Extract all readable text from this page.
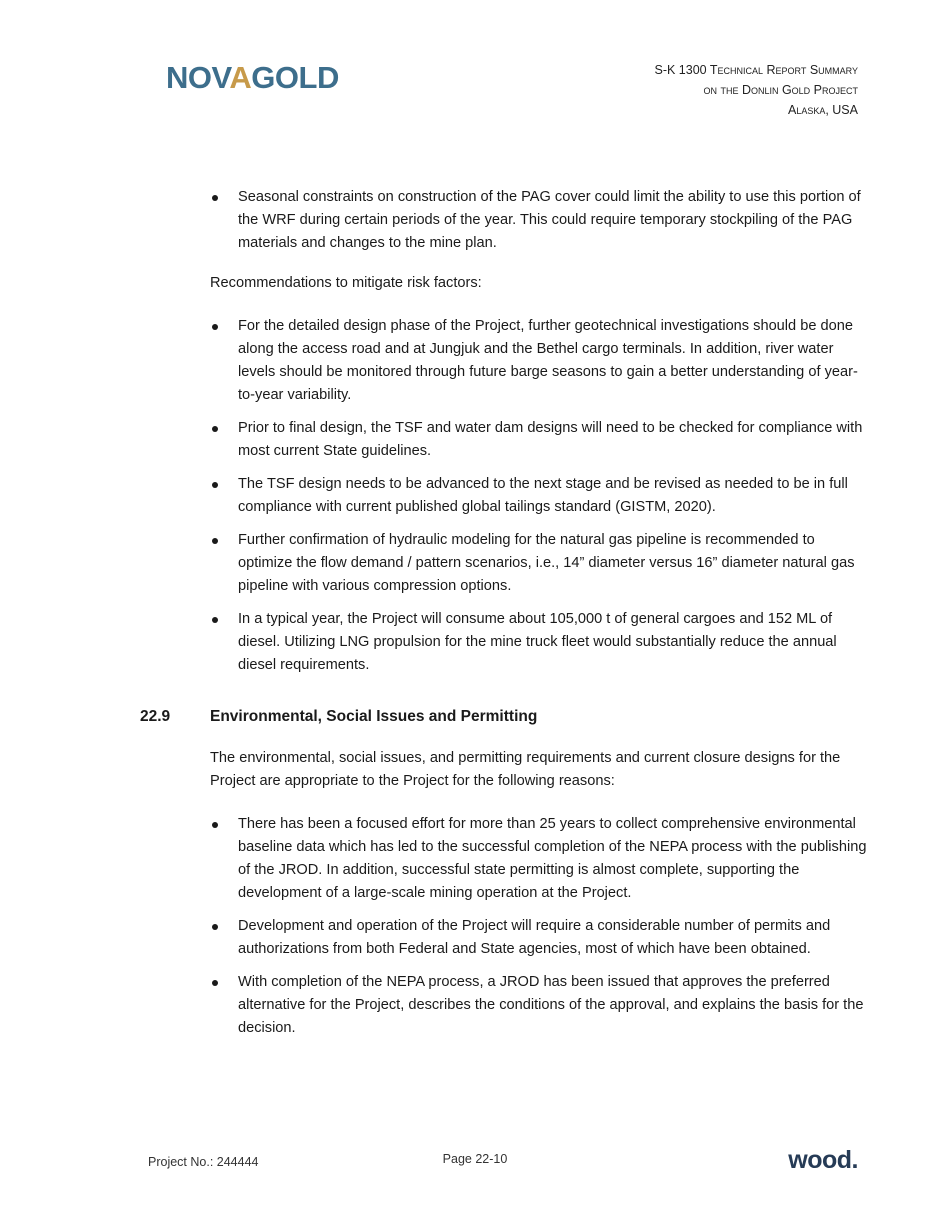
NOVAGOLD	S-K 1300 Technical Report Summary
on the Donlin Gold Project
Alaska, USA
Seasonal constraints on construction of the PAG cover could limit the ability to use this portion of the WRF during certain periods of the year. This could require temporary stockpiling of the PAG materials and changes to the mine plan.

Recommendations to mitigate risk factors:

For the detailed design phase of the Project, further geotechnical investigations should be done along the access road and at Jungjuk and the Bethel cargo terminals. In addition, river water levels should be monitored through future barge seasons to gain a better understanding of year-to-year variability.
Prior to final design, the TSF and water dam designs will need to be checked for compliance with most current State guidelines.
The TSF design needs to be advanced to the next stage and be revised as needed to be in full compliance with current published global tailings standard (GISTM, 2020).
Further confirmation of hydraulic modeling for the natural gas pipeline is recommended to optimize the flow demand / pattern scenarios, i.e., 14” diameter versus 16” diameter natural gas pipeline with various compression options.
In a typical year, the Project will consume about 105,000 t of general cargoes and 152 ML of diesel. Utilizing LNG propulsion for the mine truck fleet would substantially reduce the annual diesel requirements.
22.9	Environmental, Social Issues and Permitting

The environmental, social issues, and permitting requirements and current closure designs for the Project are appropriate to the Project for the following reasons:

There has been a focused effort for more than 25 years to collect comprehensive environmental baseline data which has led to the successful completion of the NEPA process with the publishing of the JROD. In addition, successful state permitting is almost complete, supporting the development of a large-scale mining operation at the Project.
Development and operation of the Project will require a considerable number of permits and authorizations from both Federal and State agencies, most of which have been obtained.
With completion of the NEPA process, a JROD has been issued that approves the preferred alternative for the Project, describes the conditions of the approval, and explains the basis for the decision.
Project No.: 244444	Page 22-10	wood.
